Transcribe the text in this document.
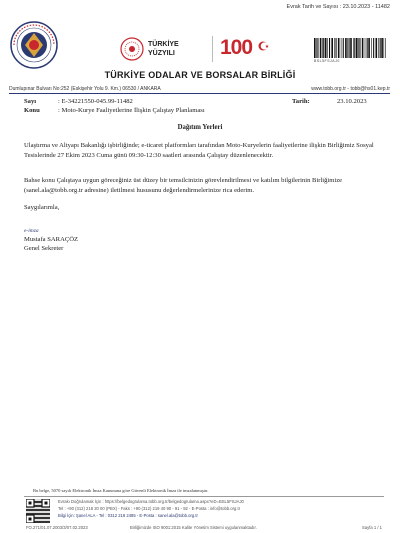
Evrak Tarih ve Sayısı : 23.10.2023 - 11482
TÜRKİYE
YÜZYILI 100
BSL5FSJAJ0
TÜRKİYE ODALAR VE BORSALAR BİRLİĞİ
Dumlupınar Bulvarı No:252 (Eskişehir Yolu 9. Km.) 06530 / ANKARA	www.tobb.org.tr - tobb@hs01.kep.tr
Sayı	: E-34221550-045.99-11482	Tarih:	23.10.2023
Konu	: Moto-Kurye Faaliyetlerine İlişkin Çalıştay Planlaması
Dağıtım Yerleri
Ulaştırma ve Altyapı Bakanlığı işbirliğinde; e-ticaret platformları tarafından Moto-Kuryelerin faaliyetlerine ilişkin Birliğimiz Sosyal Tesislerinde 27 Ekim 2023 Cuma günü 09:30-12:30 saatleri arasında Çalıştay düzenlenecektir.
Bahse konu Çalıştaya uygun göreceğiniz üst düzey bir temsilcinizin görevlendirilmesi ve katılım bilgilerinin Birliğimize (sanel.ala@tobb.org.tr adresine) iletilmesi hususunu değerlendirmelerinize rica ederim.
Saygılarımla,
e-imza
Mustafa SARAÇÖZ
Genel Sekreter
Bu belge, 5070 sayılı Elektronik İmza Kanununa göre Güvenli Elektronik İmza ile imzalanmıştır.
Evrakı Doğrulamak İçin : https://belgedogrulama.tobb.org.tr/belgedogrulama.aspx?eD=BSL5FSJAJ0
Tel : +90 (312) 218 20 00 (PBX) - Faks : +90 (312) 219 40 90 - 91 - 92 - E-Posta : info@tobb.org.tr
Bilgi İçin: Şanel ALA - Tel : 0312 218 2485 - E-Posta : sanel.ala@tobb.org.tr
FO.271/01.07.2003/3/07.02.2023	Birliğimizde ISO 9001:2015 Kalite Yönetim Sistemi uygulanmaktadır.	Sayfa 1 / 1
